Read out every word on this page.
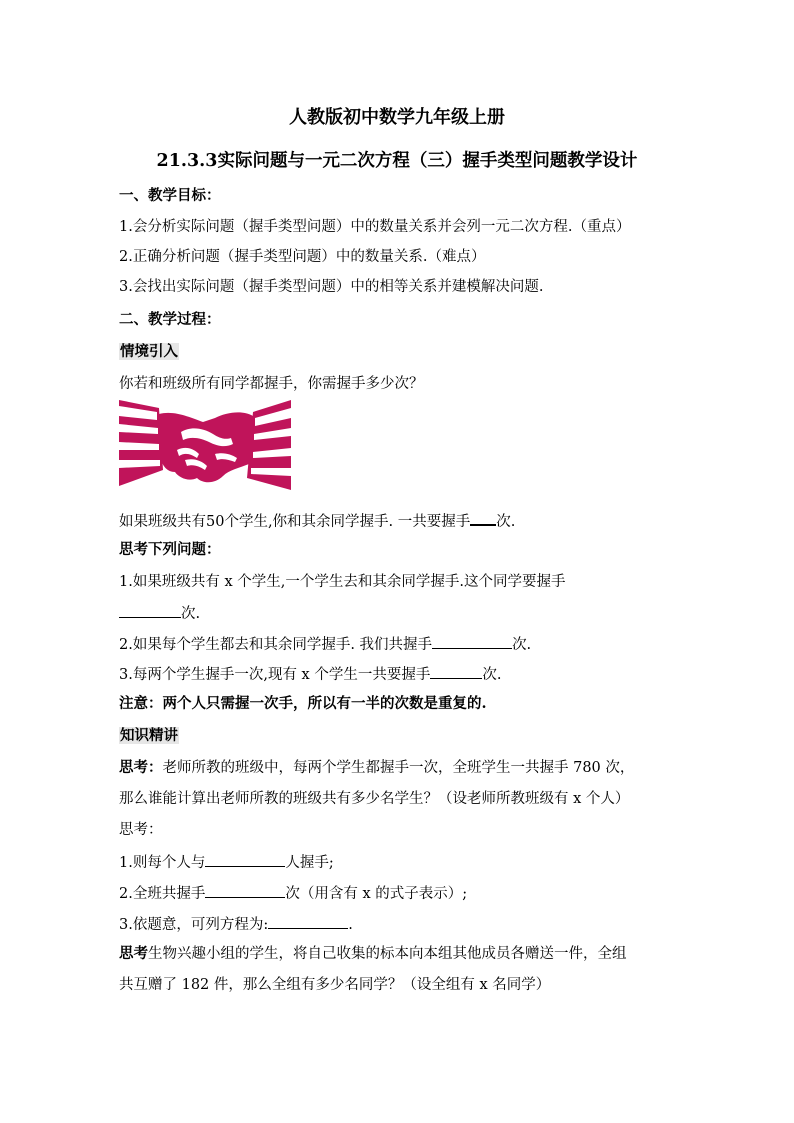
人教版初中数学九年级上册
21.3.3实际问题与一元二次方程（三）握手类型问题教学设计
一、教学目标：
1.会分析实际问题（握手类型问题）中的数量关系并会列一元二次方程.（重点）
2.正确分析问题（握手类型问题）中的数量关系.（难点）
3.会找出实际问题（握手类型问题）中的相等关系并建模解决问题.
二、教学过程：
情境引入
你若和班级所有同学都握手，你需握手多少次？
如果班级共有50个学生,你和其余同学握手. 一共要握手 次.
思考下列问题：
1.如果班级共有 x 个学生,一个学生去和其余同学握手.这个同学要握手
次.
2.如果每个学生都去和其余同学握手. 我们共握手	次.
3.每两个学生握手一次,现有 x 个学生一共要握手	次.
注意：两个人只需握一次手，所以有一半的次数是重复的.
知识精讲
思考：老师所教的班级中，每两个学生都握手一次，全班学生一共握手 780 次，
那么谁能计算出老师所教的班级共有多少名学生？（设老师所教班级有 x 个人）
思考：
1.则每个人与	人握手;
2.全班共握手	次（用含有 x 的式子表示）;
3.依题意，可列方程为:	.
思考生物兴趣小组的学生，将自己收集的标本向本组其他成员各赠送一件，全组
共互赠了 182 件，那么全组有多少名同学？（设全组有 x 名同学）
